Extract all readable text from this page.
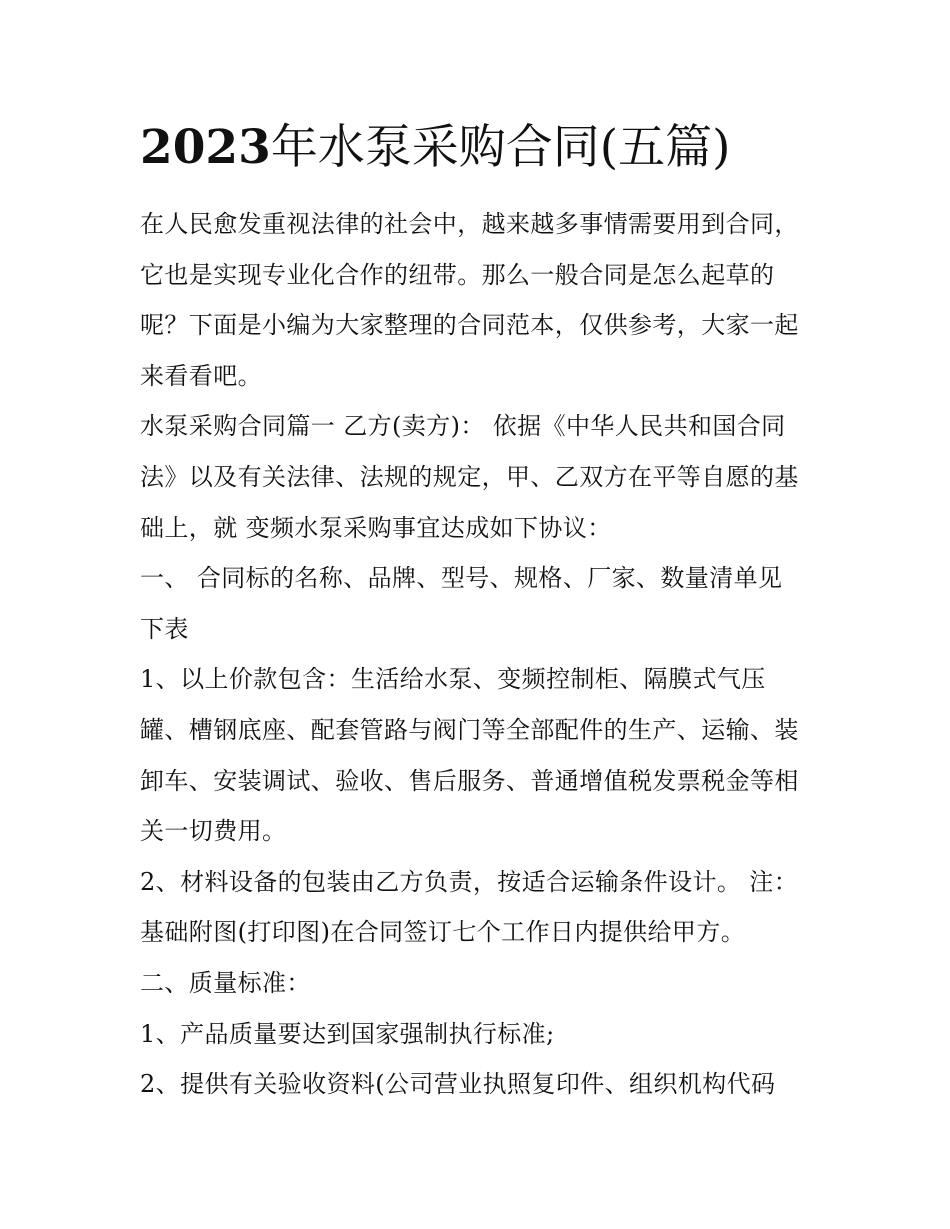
2023年水泵采购合同(五篇)
在人民愈发重视法律的社会中，越来越多事情需要用到合同，
它也是实现专业化合作的纽带。那么一般合同是怎么起草的
呢？下面是小编为大家整理的合同范本，仅供参考，大家一起
来看看吧。
水泵采购合同篇一 乙方(卖方)： 依据《中华人民共和国合同
法》以及有关法律、法规的规定，甲、乙双方在平等自愿的基
础上，就 变频水泵采购事宜达成如下协议：
一、 合同标的名称、品牌、型号、规格、厂家、数量清单见
下表
1、以上价款包含：生活给水泵、变频控制柜、隔膜式气压
罐、槽钢底座、配套管路与阀门等全部配件的生产、运输、装
卸车、安装调试、验收、售后服务、普通增值税发票税金等相
关一切费用。
2、材料设备的包装由乙方负责，按适合运输条件设计。 注：
基础附图(打印图)在合同签订七个工作日内提供给甲方。
二、质量标准：
1、产品质量要达到国家强制执行标准;
2、提供有关验收资料(公司营业执照复印件、组织机构代码
